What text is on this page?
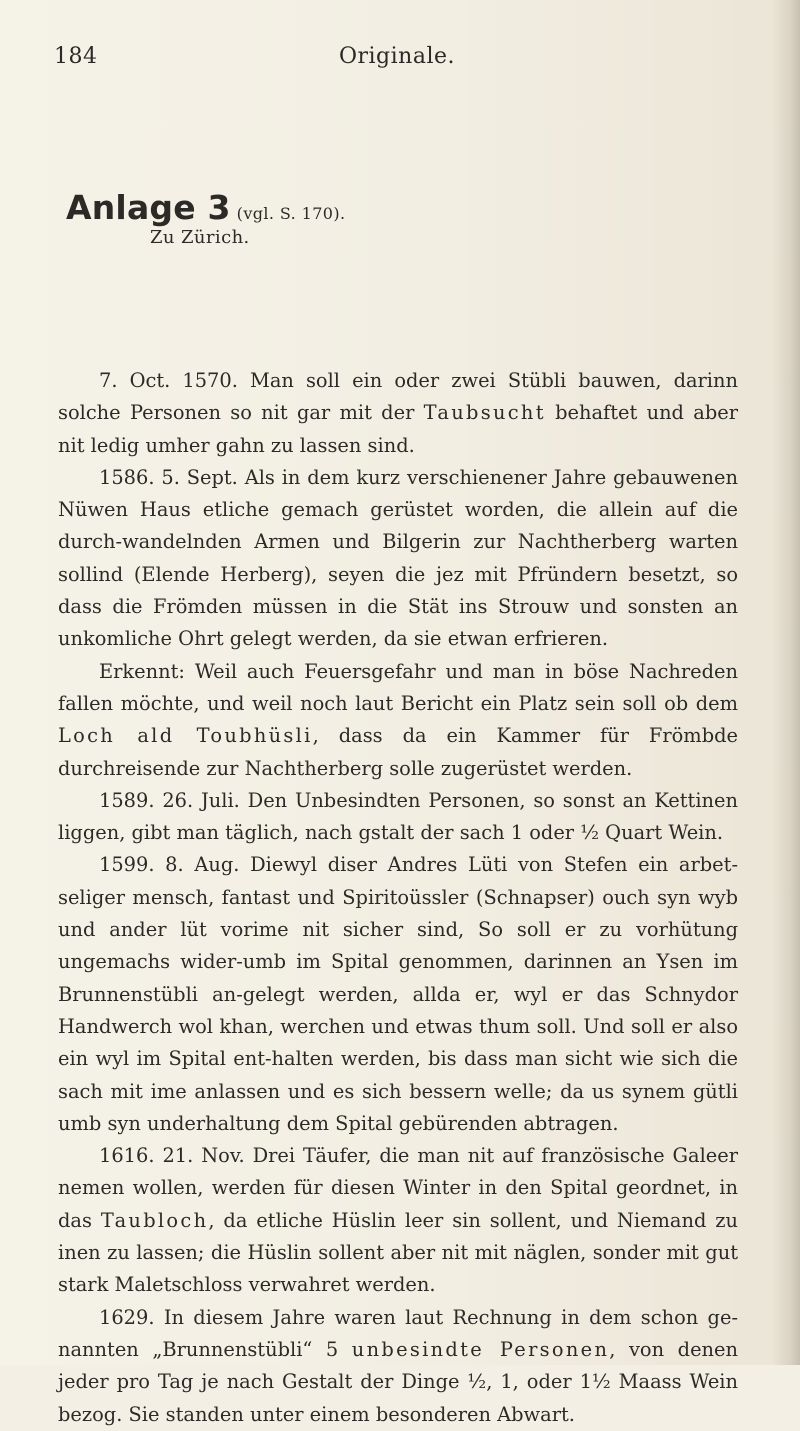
184	Originale.
Anlage 3 (vgl. S. 170).
Zu Zürich.

7. Oct. 1570. Man soll ein oder zwei Stübli bauwen, darinn solche Personen so nit gar mit der Taubsucht behaftet und aber nit ledig umher gahn zu lassen sind.

1586. 5. Sept. Als in dem kurz verschienener Jahre gebauwenen Nüwen Haus etliche gemach gerüstet worden, die allein auf die durch-wandelnden Armen und Bilgerin zur Nachtherberg warten sollind (Elende Herberg), seyen die jez mit Pfründern besetzt, so dass die Frömden müssen in die Stät ins Strouw und sonsten an unkomliche Ohrt gelegt werden, da sie etwan erfrieren.

Erkennt: Weil auch Feuersgefahr und man in böse Nachreden fallen möchte, und weil noch laut Bericht ein Platz sein soll ob dem Loch ald Toubhüsli, dass da ein Kammer für Frömbde durchreisende zur Nachtherberg solle zugerüstet werden.

1589. 26. Juli. Den Unbesindten Personen, so sonst an Kettinen liggen, gibt man täglich, nach gstalt der sach 1 oder ½ Quart Wein.

1599. 8. Aug. Diewyl diser Andres Lüti von Stefen ein arbet-seliger mensch, fantast und Spiritoüssler (Schnapser) ouch syn wyb und ander lüt vorime nit sicher sind, So soll er zu vorhütung ungemachs wider-umb im Spital genommen, darinnen an Ysen im Brunnenstübli an-gelegt werden, allda er, wyl er das Schnydor Handwerch wol khan, werchen und etwas thum soll. Und soll er also ein wyl im Spital ent-halten werden, bis dass man sicht wie sich die sach mit ime anlassen und es sich bessern welle; da us synem gütli umb syn underhaltung dem Spital gebürenden abtragen.

1616. 21. Nov. Drei Täufer, die man nit auf französische Galeer nemen wollen, werden für diesen Winter in den Spital geordnet, in das Taubloch, da etliche Hüslin leer sin sollent, und Niemand zu inen zu lassen; die Hüslin sollent aber nit mit näglen, sonder mit gut stark Maletschloss verwahret werden.

1629. In diesem Jahre waren laut Rechnung in dem schon ge-nannten „Brunnenstübli“ 5 unbesindte Personen, von denen jeder pro Tag je nach Gestalt der Dinge ½, 1, oder 1½ Maass Wein bezog. Sie standen unter einem besonderen Abwart.
